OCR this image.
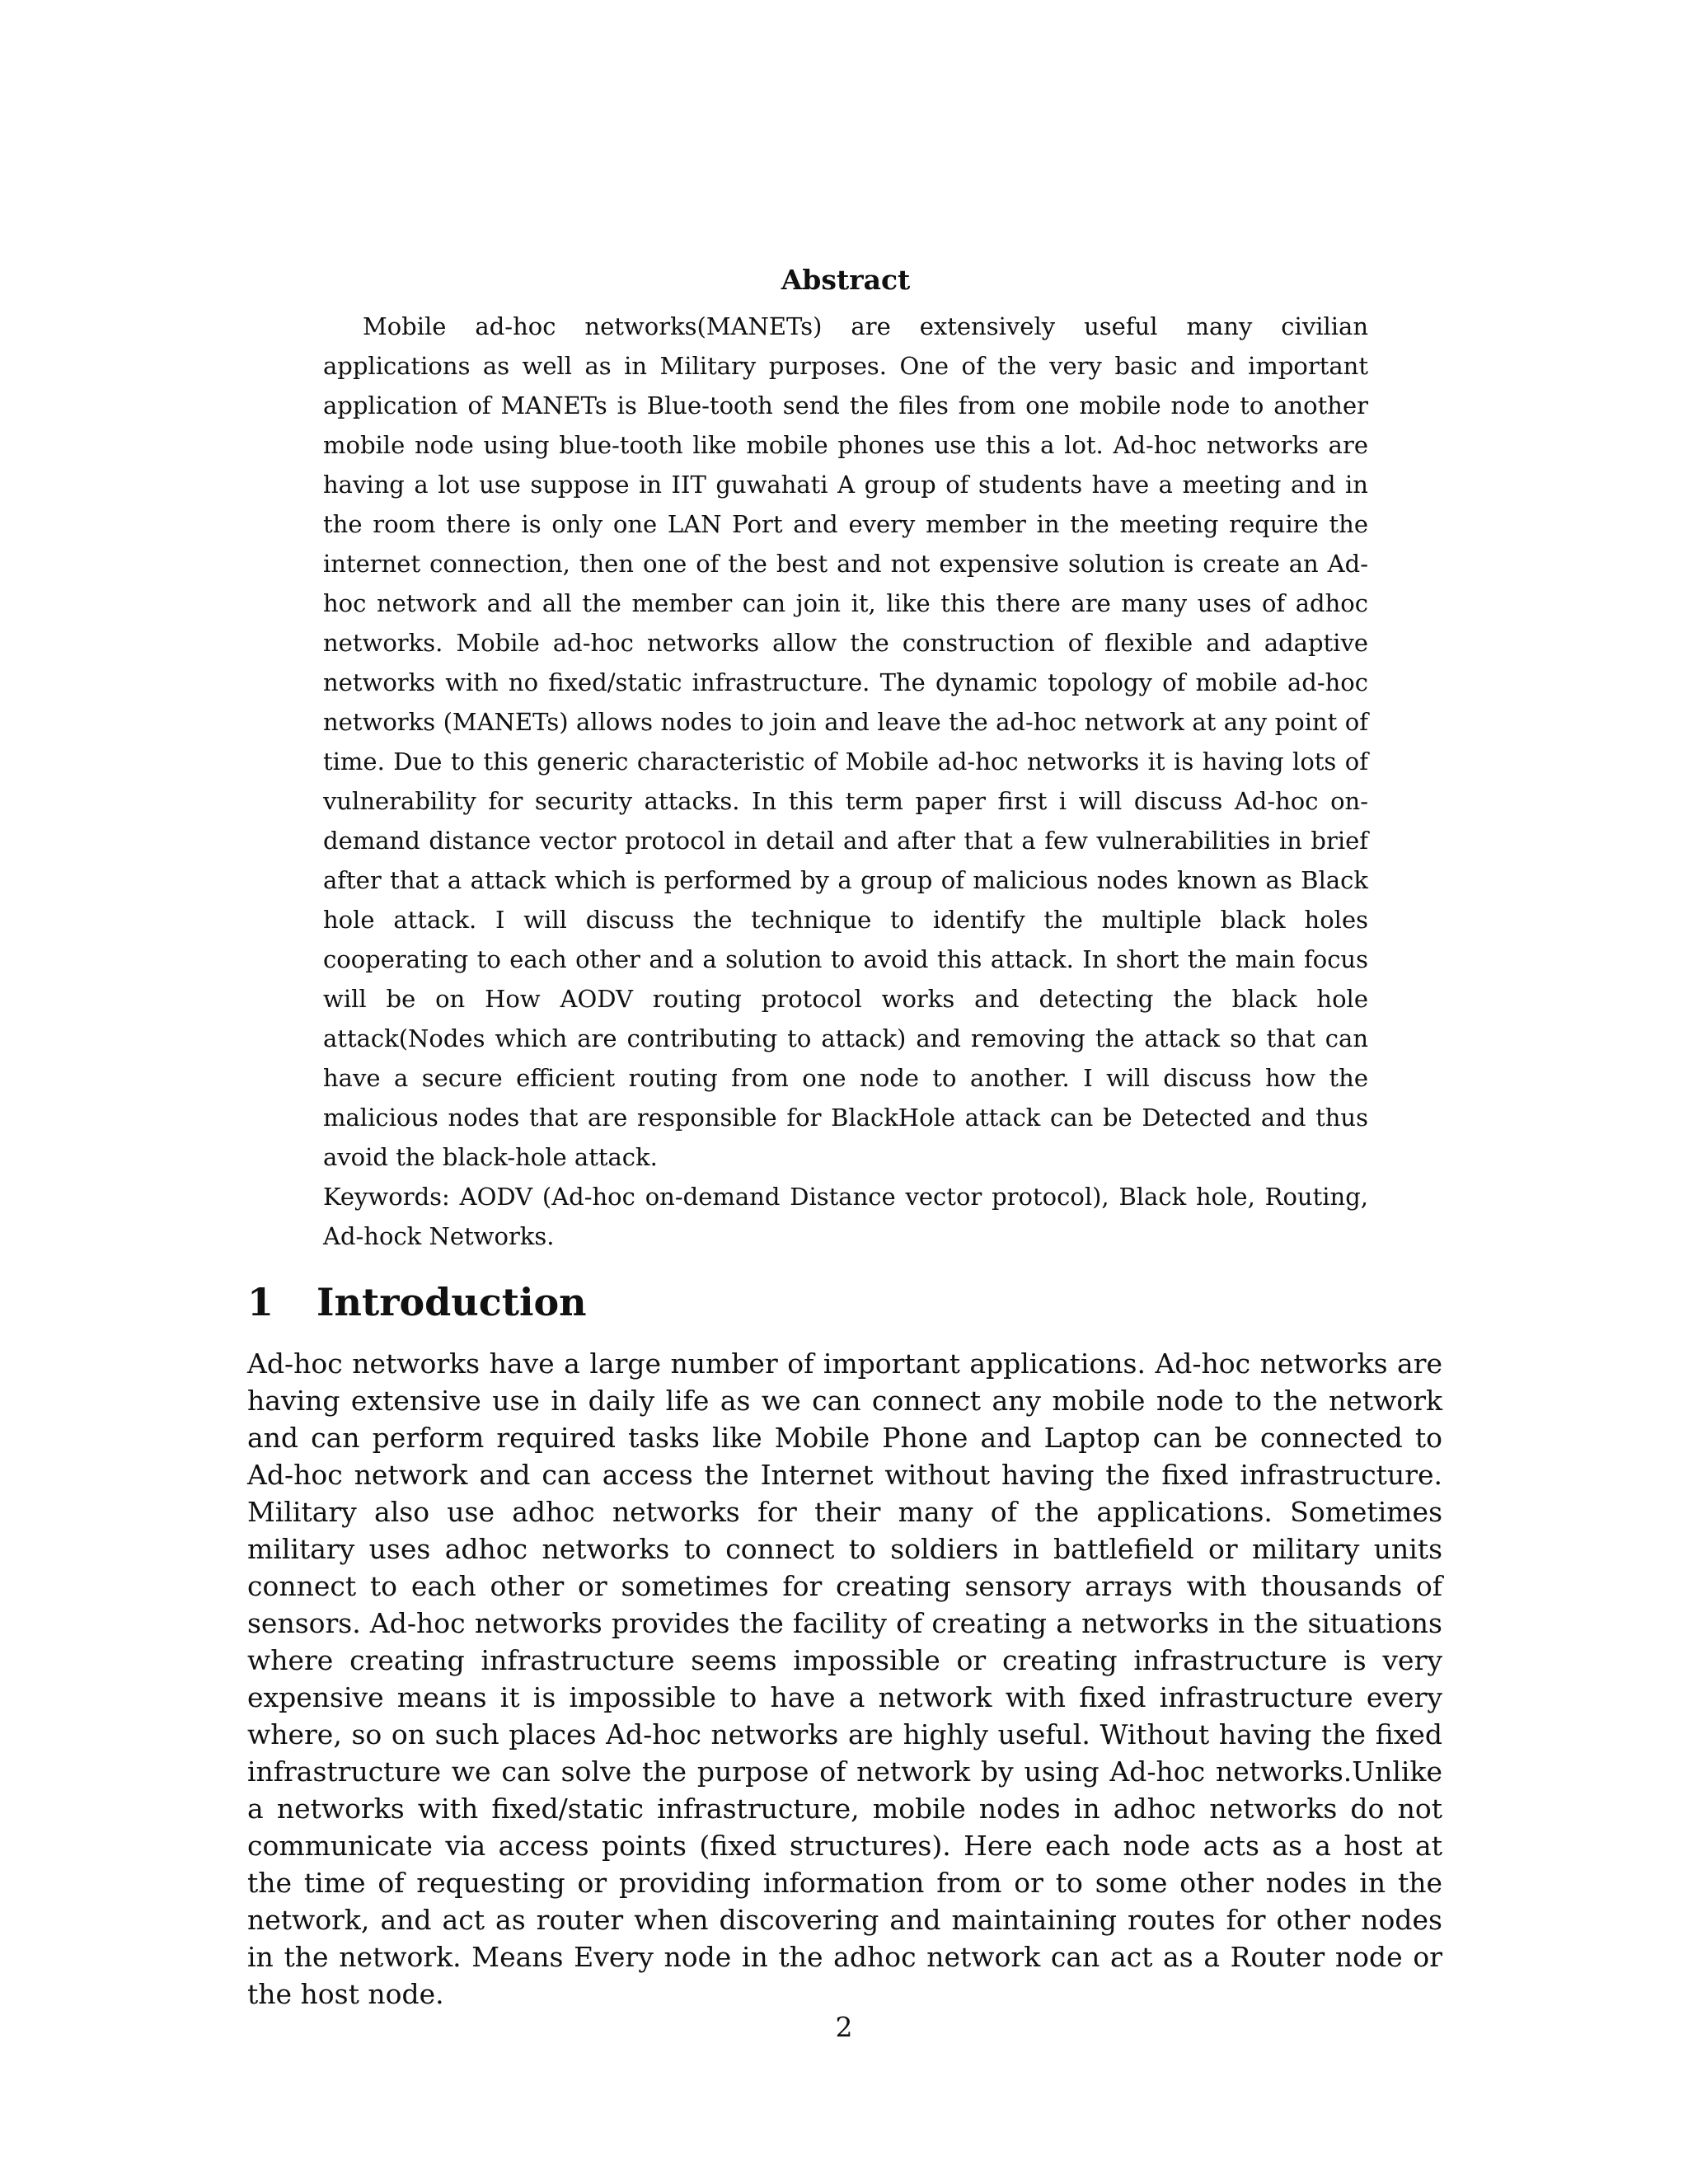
Abstract

Mobile ad-hoc networks(MANETs) are extensively useful many civilian applications as well as in Military purposes. One of the very basic and important application of MANETs is Blue-tooth send the files from one mobile node to another mobile node using blue-tooth like mobile phones use this a lot. Ad-hoc networks are having a lot use suppose in IIT guwahati A group of students have a meeting and in the room there is only one LAN Port and every member in the meeting require the internet connection, then one of the best and not expensive solution is create an Ad-hoc network and all the member can join it, like this there are many uses of adhoc networks. Mobile ad-hoc networks allow the construction of flexible and adaptive networks with no fixed/static infrastructure. The dynamic topology of mobile ad-hoc networks (MANETs) allows nodes to join and leave the ad-hoc network at any point of time. Due to this generic characteristic of Mobile ad-hoc networks it is having lots of vulnerability for security attacks. In this term paper first i will discuss Ad-hoc on-demand distance vector protocol in detail and after that a few vulnerabilities in brief after that a attack which is performed by a group of malicious nodes known as Black hole attack. I will discuss the technique to identify the multiple black holes cooperating to each other and a solution to avoid this attack. In short the main focus will be on How AODV routing protocol works and detecting the black hole attack(Nodes which are contributing to attack) and removing the attack so that can have a secure efficient routing from one node to another. I will discuss how the malicious nodes that are responsible for BlackHole attack can be Detected and thus avoid the black-hole attack.

Keywords: AODV (Ad-hoc on-demand Distance vector protocol), Black hole, Routing, Ad-hock Networks.

1 Introduction

Ad-hoc networks have a large number of important applications. Ad-hoc networks are having extensive use in daily life as we can connect any mobile node to the network and can perform required tasks like Mobile Phone and Laptop can be connected to Ad-hoc network and can access the Internet without having the fixed infrastructure. Military also use adhoc networks for their many of the applications. Sometimes military uses adhoc networks to connect to soldiers in battlefield or military units connect to each other or sometimes for creating sensory arrays with thousands of sensors. Ad-hoc networks provides the facility of creating a networks in the situations where creating infrastructure seems impossible or creating infrastructure is very expensive means it is impossible to have a network with fixed infrastructure every where, so on such places Ad-hoc networks are highly useful. Without having the fixed infrastructure we can solve the purpose of network by using Ad-hoc networks.Unlike a networks with fixed/static infrastructure, mobile nodes in adhoc networks do not communicate via access points (fixed structures). Here each node acts as a host at the time of requesting or providing information from or to some other nodes in the network, and act as router when discovering and maintaining routes for other nodes in the network. Means Every node in the adhoc network can act as a Router node or the host node.

2
